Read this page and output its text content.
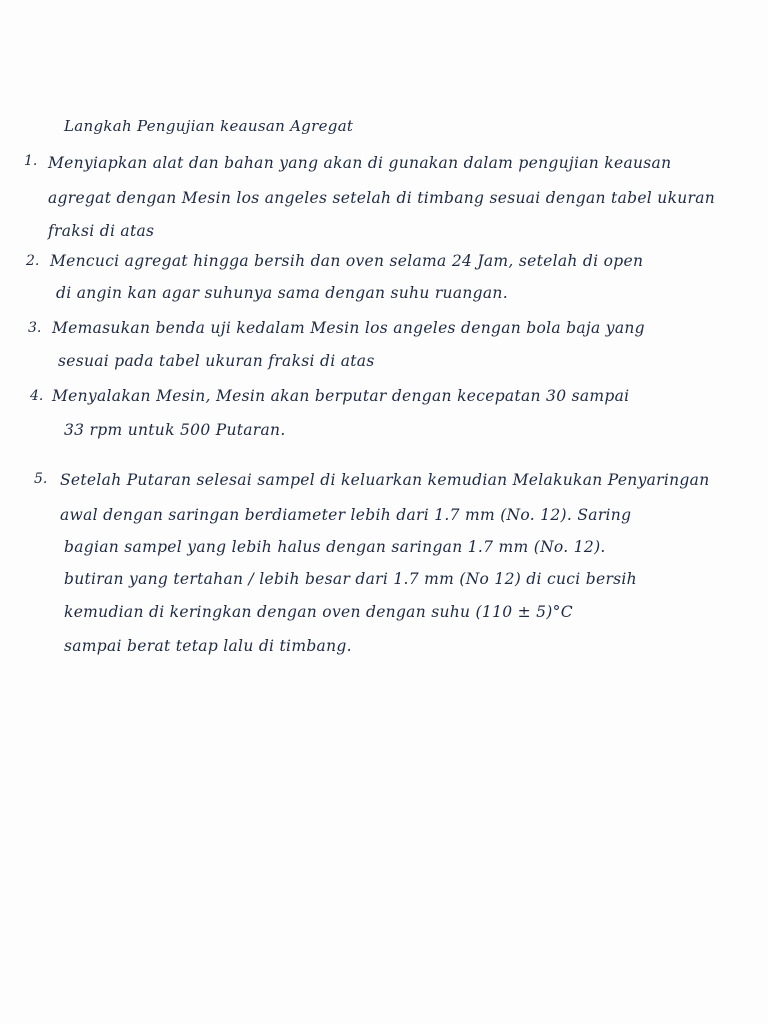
Langkah Pengujian keausan Agregat
1. Menyiapkan alat dan bahan yang akan di gunakan dalam pengujian keausan
agregat dengan Mesin los angeles setelah di timbang sesuai dengan tabel ukuran
fraksi di atas
2. Mencuci agregat hingga bersih dan oven selama 24 Jam, setelah di open
di angin kan agar suhunya sama dengan suhu ruangan.
3. Memasukan benda uji kedalam Mesin los angeles dengan bola baja yang
sesuai pada tabel ukuran fraksi di atas
4. Menyalakan Mesin, Mesin akan berputar dengan kecepatan 30 sampai
33 rpm untuk 500 Putaran.
5. Setelah Putaran selesai sampel di keluarkan kemudian Melakukan Penyaringan
awal dengan saringan berdiameter lebih dari 1.7 mm (No. 12). Saring
bagian sampel yang lebih halus dengan saringan 1.7 mm (No. 12).
butiran yang tertahan / lebih besar dari 1.7 mm (No 12) di cuci bersih
kemudian di keringkan dengan oven dengan suhu (110 ± 5)°C
sampai berat tetap lalu di timbang.
